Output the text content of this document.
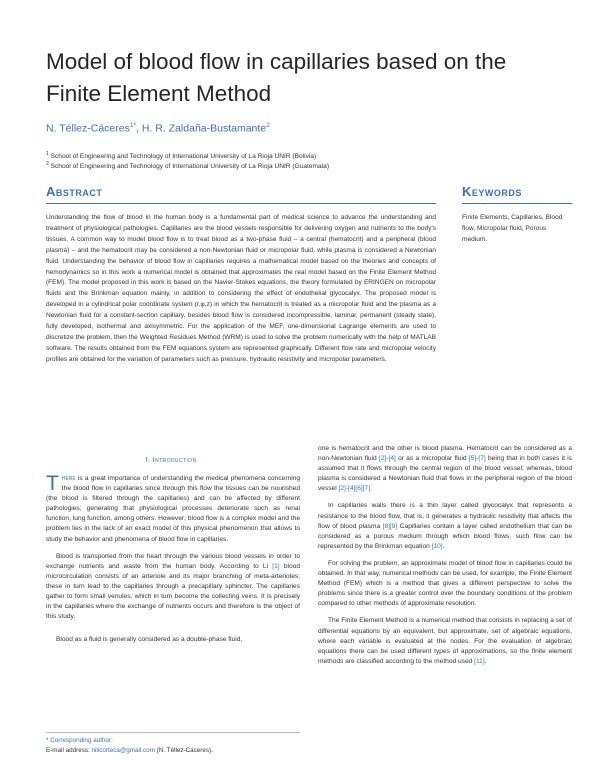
Model of blood flow in capillaries based on the Finite Element Method
N. Téllez-Cáceres$^{1*}$, H. R. Zaldaña-Bustamante$^2$
$^1$ School of Engineering and Technology of International University of La Rioja UNIR (Bolivia)
$^2$ School of Engineering and Technology of International University of La Rioja UNIR (Guatemala)
Abstract
Understanding the flow of blood in the human body is a fundamental part of medical science to advance the understanding and treatment of physiological pathologies. Capillaries are the blood vessels responsible for delivering oxygen and nutrients to the body's tissues. A common way to model blood flow is to treat blood as a two-phase fluid – a central (hematocrit) and a peripheral (blood plasma) – and the hematocrit may be considered a non-Newtonian fluid or micropolar fluid, while plasma is considered a Newtonian fluid. Understanding the behavior of blood flow in capillaries requires a mathematical model based on the theories and concepts of hemodynamics so in this work a numerical model is obtained that approximates the real model based on the Finite Element Method (FEM). The model proposed in this work is based on the Navier-Stokes equations, the theory formulated by ERINGEN on micropolar fluids and the Brinkman equation mainly, in addition to considering the effect of endothelial glycocalyx. The proposed model is developed in a cylindrical polar coordinate system (r,φ,z) in which the hematocrit is treated as a micropolar fluid and the plasma as a Newtonian fluid for a constant-section capillary, besides blood flow is considered incompressible, laminar, permanent (steady state), fully developed, isothermal and axisymmetric. For the application of the MEF, one-dimensional Lagrange elements are used to discretize the problem, then the Weighted Residues Method (WRM) is used to solve the problem numerically with the help of MATLAB software. The results obtained from the FEM equations system are represented graphically. Different flow rate and micropolar velocity profiles are obtained for the variation of parameters such as pressure, hydraulic resistivity and micropolar parameters.
Keywords
Finite Elements, Capillaries, Blood flow, Micropolar fluid, Porous medium.
I. Introduction

There is a great importance of understanding the medical phenomena concerning the blood flow in capillaries since through this flow the tissues can be nourished (the blood is filtered through the capillaries) and can be affected by different pathologies; generating that physiological processes deteriorate such as renal function, lung function, among others. However; blood flow is a complex model and the problem lies in the lack of an exact model of this physical phenomenon that allows to study the behavior and phenomena of blood flow in capillaries.

Blood is transported from the heart through the various blood vessels in order to exchange nutrients and waste from the human body. According to Li [1] blood microcirculation consists of an arteriole and its major branching of meta-arterioles; these in turn lead to the capillaries through a precapillary sphincter. The capillaries gather to form small venules, which in turn become the collecting veins. It is precisely in the capillaries where the exchange of nutrients occurs and therefore is the object of this study.

Blood as a fluid is generally considered as a double-phase fluid,

one is hematocrit and the other is blood plasma. Hematocrit can be considered as a non-Newtonian fluid [2]-[4] or as a micropolar fluid [5]-[7] being that in both cases it is assumed that it flows through the central region of the blood vessel; whereas, blood plasma is considered a Newtonian fluid that flows in the peripheral region of the blood vessel [2]-[4][6][7].

In capillaries walls there is a thin layer called glycocalyx that represents a resistance to the blood flow, that is, it generates a hydraulic resistivity that affects the flow of blood plasma [8][9] Capillaries contain a layer called endothelium that can be considered as a porous medium through which blood flows, such flow can be represented by the Brinkman equation [10].

For solving the problem, an approximate model of blood flow in capillaries could be obtained. In that way, numerical methods can be used, for example, the Finite Element Method (FEM) which is a method that gives a different perspective to solve the problems since there is a greater control over the boundary conditions of the problem compared to other methods of approximate resolution.

The Finite Element Method is a numerical method that consists in replacing a set of differential equations by an equivalent, but approximate, set of algebraic equations, where each variable is evaluated at the nodes. For the evaluation of algebraic equations there can be used different types of approximations, so the finite element methods are classified according to the method used [11].

* Corresponding author:
E-mail address: nilicorteca@gmail.com (N. Téllez-Cáceres).
